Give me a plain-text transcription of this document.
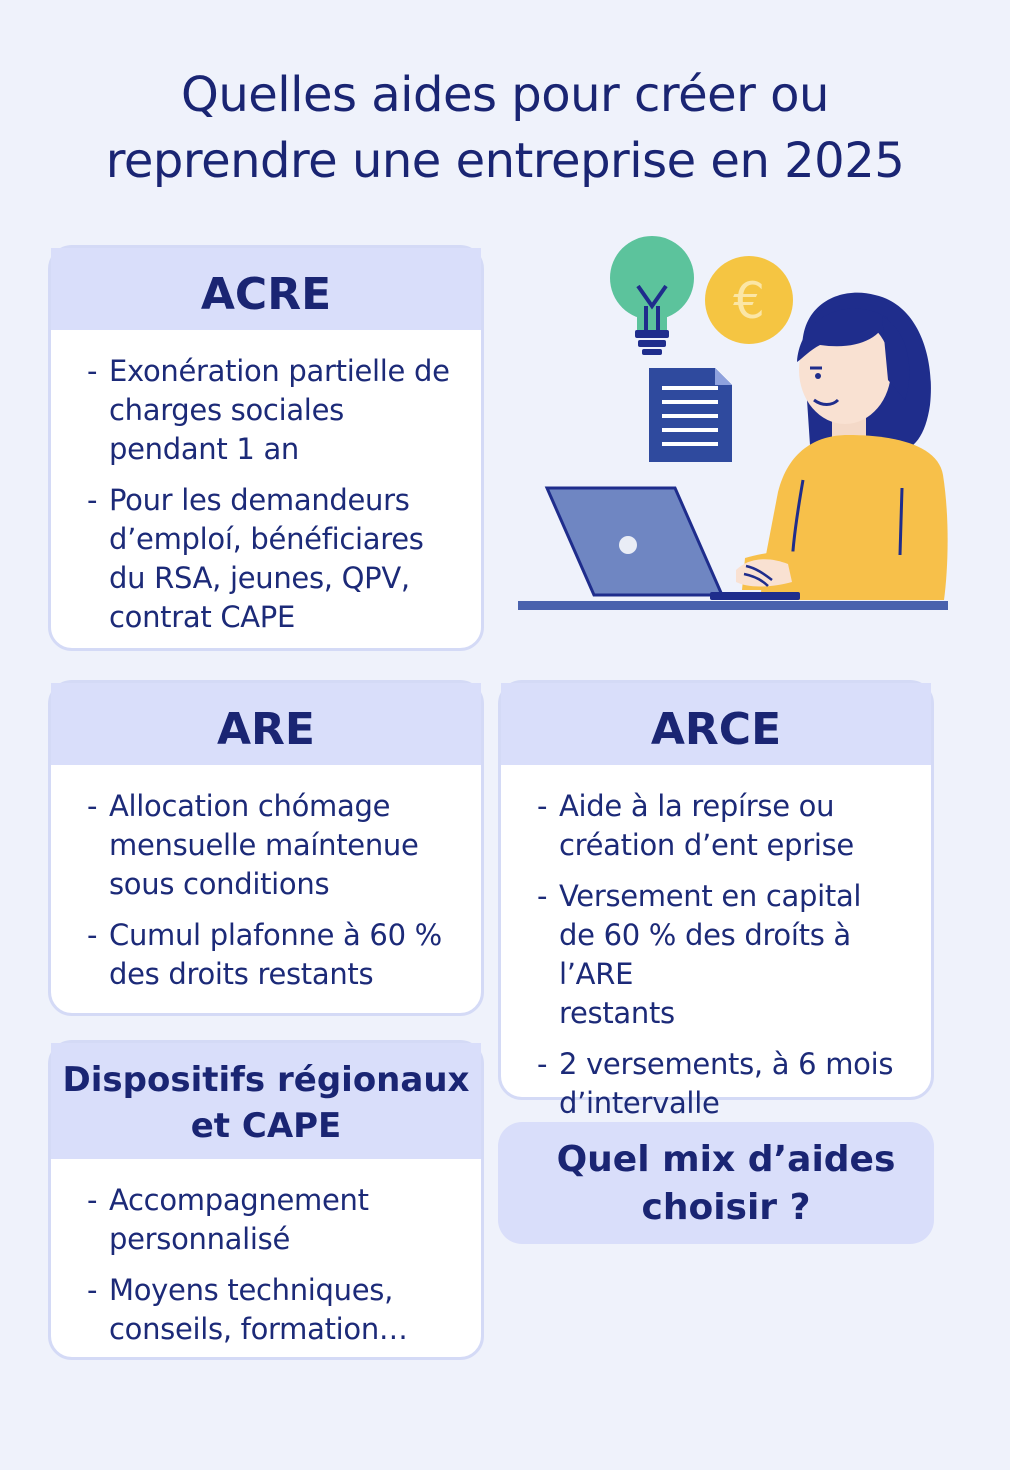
Quelles aides pour créer ou
reprendre une entreprise en 2025
ACRE
- Exonération partielle de
charges sociales
pendant 1 an
- Pour les demandeurs
d’emploí, bénéficiares
du RSA, jeunes, QPV,
contrat CAPE
€
ARE
- Allocation chómage
mensuelle maíntenue
sous conditions
- Cumul plafonne à 60 %
des droits restants
ARCE
- Aide à la repírse ou
création d’ent eprise
- Versement en capital
de 60 % des droíts à l’ARE
restants
- 2 versements, à 6 mois
d’intervalle
Dispositifs régionaux
et CAPE
- Accompagnement
personnalisé
- Moyens techniques,
conseils, formation…
Quel mix d’aides
choisir ?
